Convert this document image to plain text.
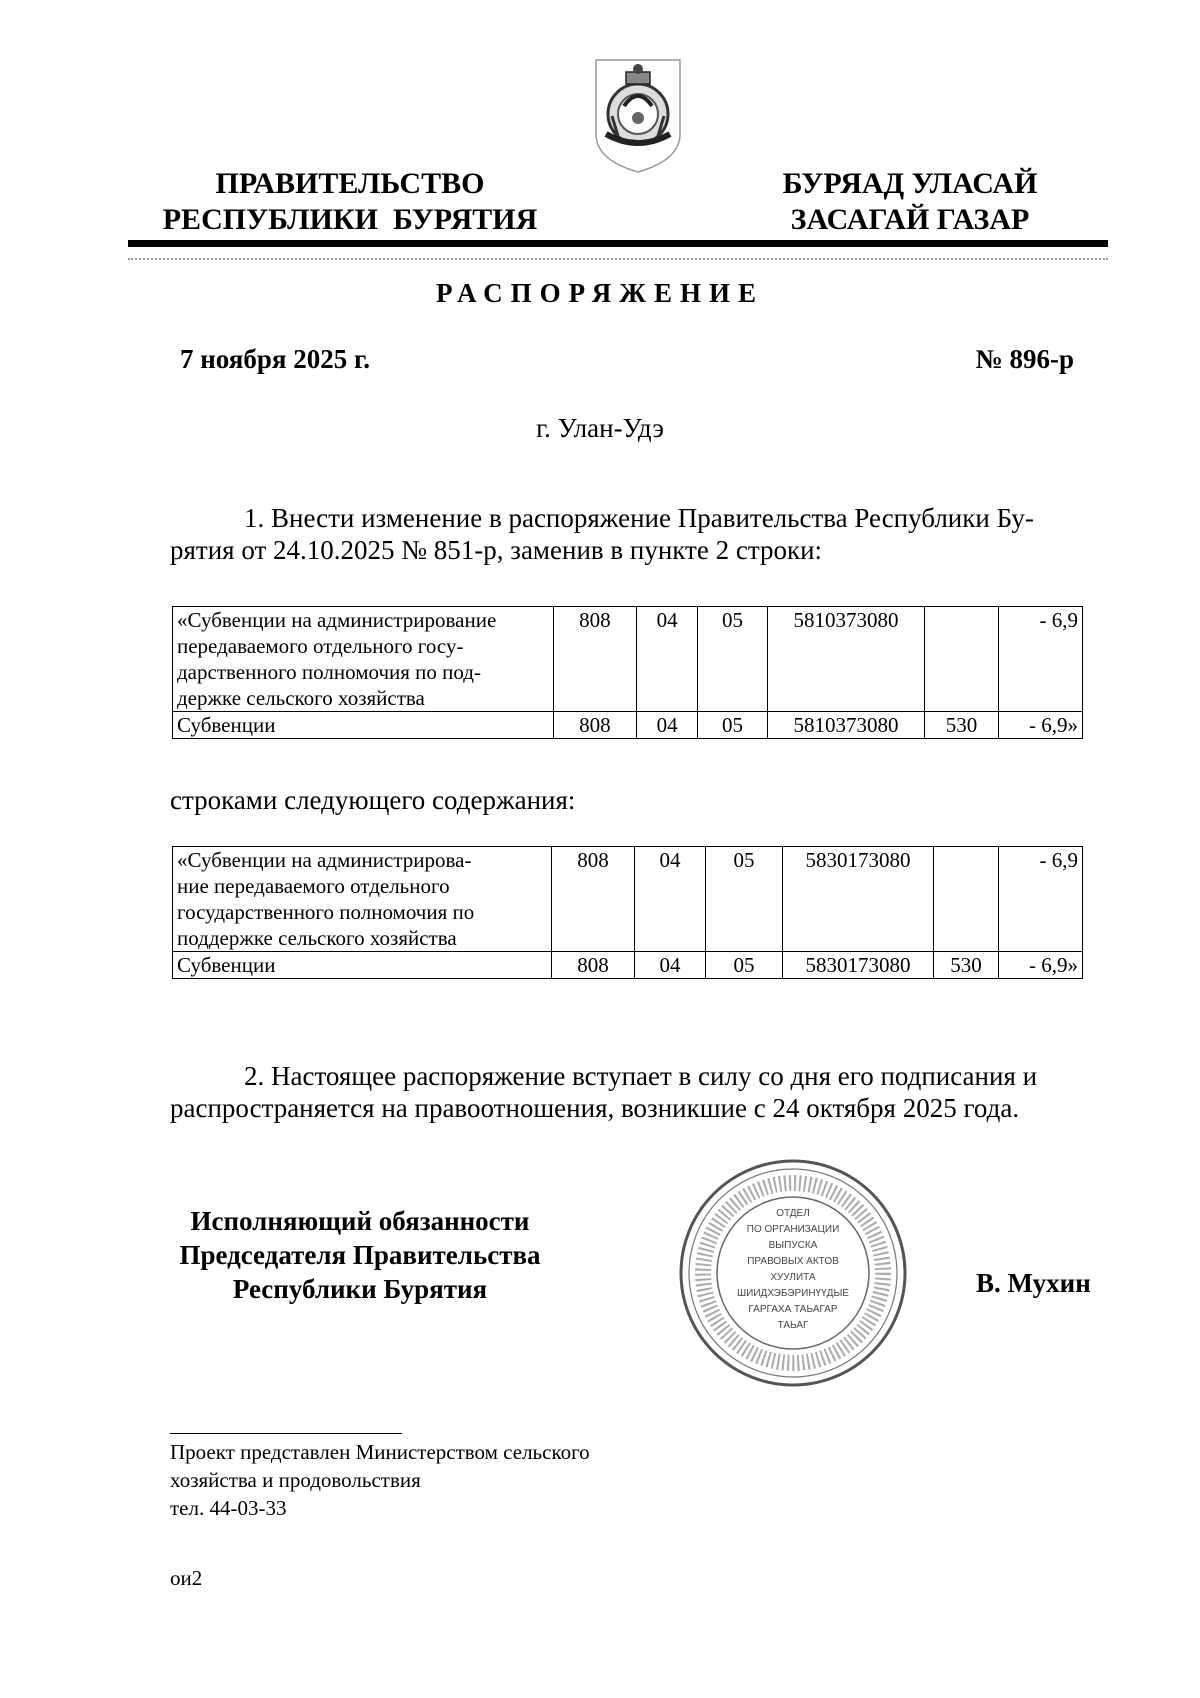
ПРАВИТЕЛЬСТВО
РЕСПУБЛИКИ  БУРЯТИЯ
БУРЯАД УЛАСАЙ
ЗАСАГАЙ ГАЗАР
РАСПОРЯЖЕНИЕ
7 ноября 2025 г.	№ 896-р
г. Улан-Удэ
1. Внести изменение в распоряжение Правительства Республики Бу-
рятия от 24.10.2025 № 851-р, заменив в пункте 2 строки:
«Субвенции на администрирование
передаваемого отдельного госу-
дарственного полномочия по под-
держке сельского хозяйства	808	04	05	5810373080		- 6,9

Субвенции	808	04	05	5810373080	530	- 6,9»
строками следующего содержания:
«Субвенции на администрирова-
ние передаваемого отдельного
государственного полномочия по
поддержке сельского хозяйства	808	04	05	5830173080		- 6,9

Субвенции	808	04	05	5830173080	530	- 6,9»
2. Настоящее распоряжение вступает в силу со дня его подписания и
распространяется на правоотношения, возникшие с 24 октября 2025 года.
Исполняющий обязанности
Председателя Правительства
Республики Бурятия	В. Мухин
ОТДЕЛ
ПО ОРГАНИЗАЦИИ
ВЫПУСКА
ПРАВОВЫХ АКТОВ
ХУУЛИТА
ШИИДХЭБЭРИНҮҮДЫЕ
ГАРГАХА ТАЬАГАР
ТАЬАГ
Проект представлен Министерством сельского
хозяйства и продовольствия
тел. 44-03-33
ои2
